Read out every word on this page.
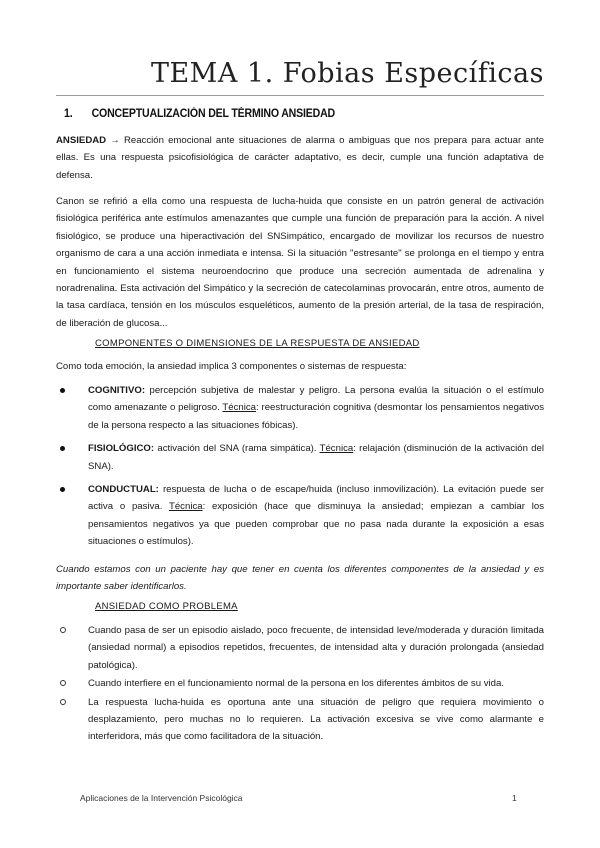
TEMA 1. Fobias Específicas
1. CONCEPTUALIZACIÓN DEL TÉRMINO ANSIEDAD

ANSIEDAD → Reacción emocional ante situaciones de alarma o ambiguas que nos prepara para actuar ante ellas. Es una respuesta psicofisiológica de carácter adaptativo, es decir, cumple una función adaptativa de defensa.

Canon se refirió a ella como una respuesta de lucha-huida que consiste en un patrón general de activación fisiológica periférica ante estímulos amenazantes que cumple una función de preparación para la acción. A nivel fisiológico, se produce una hiperactivación del SNSimpático, encargado de movilizar los recursos de nuestro organismo de cara a una acción inmediata e intensa. Si la situación "estresante" se prolonga en el tiempo y entra en funcionamiento el sistema neuroendocrino que produce una secreción aumentada de adrenalina y noradrenalina. Esta activación del Simpático y la secreción de catecolaminas provocarán, entre otros, aumento de la tasa cardíaca, tensión en los músculos esqueléticos, aumento de la presión arterial, de la tasa de respiración, de liberación de glucosa...

COMPONENTES O DIMENSIONES DE LA RESPUESTA DE ANSIEDAD

Como toda emoción, la ansiedad implica 3 componentes o sistemas de respuesta:

COGNITIVO: percepción subjetiva de malestar y peligro. La persona evalúa la situación o el estímulo como amenazante o peligroso. Técnica: reestructuración cognitiva (desmontar los pensamientos negativos de la persona respecto a las situaciones fóbicas).
FISIOLÓGICO: activación del SNA (rama simpática). Técnica: relajación (disminución de la activación del SNA).
CONDUCTUAL: respuesta de lucha o de escape/huida (incluso inmovilización). La evitación puede ser activa o pasiva. Técnica: exposición (hace que disminuya la ansiedad; empiezan a cambiar los pensamientos negativos ya que pueden comprobar que no pasa nada durante la exposición a esas situaciones o estímulos).

Cuando estamos con un paciente hay que tener en cuenta los diferentes componentes de la ansiedad y es importante saber identificarlos.

ANSIEDAD COMO PROBLEMA
Cuando pasa de ser un episodio aislado, poco frecuente, de intensidad leve/moderada y duración limitada (ansiedad normal) a episodios repetidos, frecuentes, de intensidad alta y duración prolongada (ansiedad patológica).
Cuando interfiere en el funcionamiento normal de la persona en los diferentes ámbitos de su vida.
La respuesta lucha-huida es oportuna ante una situación de peligro que requiera movimiento o desplazamiento, pero muchas no lo requieren. La activación excesiva se vive como alarmante e interferidora, más que como facilitadora de la situación.
Aplicaciones de la Intervención Psicológica	1
